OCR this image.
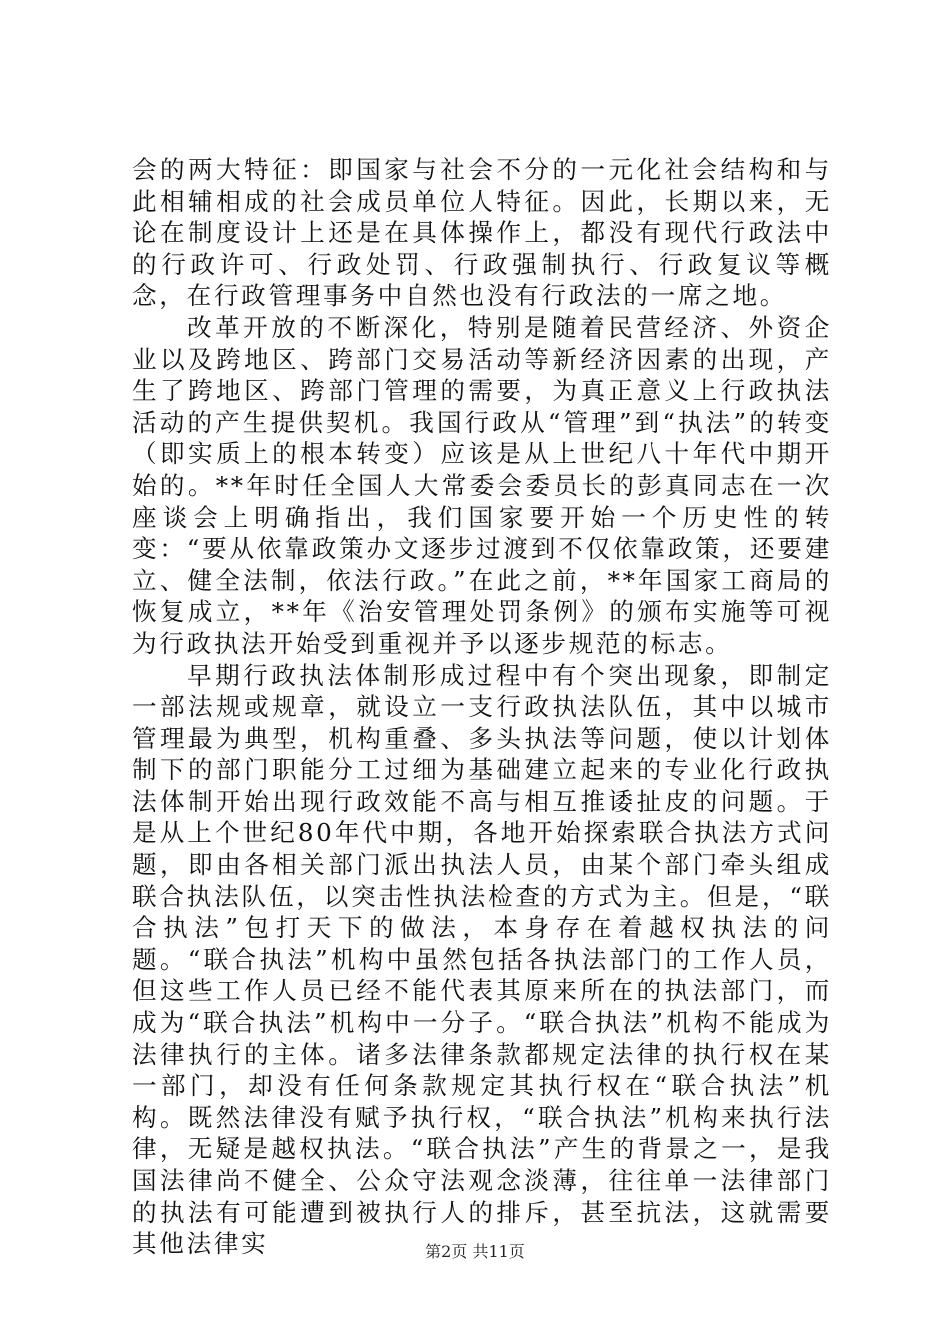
会的两大特征：即国家与社会不分的一元化社会结构和与此相辅相成的社会成员单位人特征。因此，长期以来，无论在制度设计上还是在具体操作上，都没有现代行政法中的行政许可、行政处罚、行政强制执行、行政复议等概念，在行政管理事务中自然也没有行政法的一席之地。

改革开放的不断深化，特别是随着民营经济、外资企业以及跨地区、跨部门交易活动等新经济因素的出现，产生了跨地区、跨部门管理的需要，为真正意义上行政执法活动的产生提供契机。我国行政从“管理”到“执法”的转变（即实质上的根本转变）应该是从上世纪八十年代中期开始的。**年时任全国人大常委会委员长的彭真同志在一次座谈会上明确指出，我们国家要开始一个历史性的转变：“要从依靠政策办文逐步过渡到不仅依靠政策，还要建立、健全法制，依法行政。”在此之前，**年国家工商局的恢复成立，**年《治安管理处罚条例》的颁布实施等可视为行政执法开始受到重视并予以逐步规范的标志。

早期行政执法体制形成过程中有个突出现象，即制定一部法规或规章，就设立一支行政执法队伍，其中以城市管理最为典型，机构重叠、多头执法等问题，使以计划体制下的部门职能分工过细为基础建立起来的专业化行政执法体制开始出现行政效能不高与相互推诿扯皮的问题。于是从上个世纪80年代中期，各地开始探索联合执法方式问题，即由各相关部门派出执法人员，由某个部门牵头组成联合执法队伍，以突击性执法检查的方式为主。但是，“联合执法”包打天下的做法，本身存在着越权执法的问题。“联合执法”机构中虽然包括各执法部门的工作人员，但这些工作人员已经不能代表其原来所在的执法部门，而成为“联合执法”机构中一分子。“联合执法”机构不能成为法律执行的主体。诸多法律条款都规定法律的执行权在某一部门，却没有任何条款规定其执行权在“联合执法”机构。既然法律没有赋予执行权，“联合执法”机构来执行法律，无疑是越权执法。“联合执法”产生的背景之一，是我国法律尚不健全、公众守法观念淡薄，往往单一法律部门的执法有可能遭到被执行人的排斥，甚至抗法，这就需要其他法律实	第2页 共11页
